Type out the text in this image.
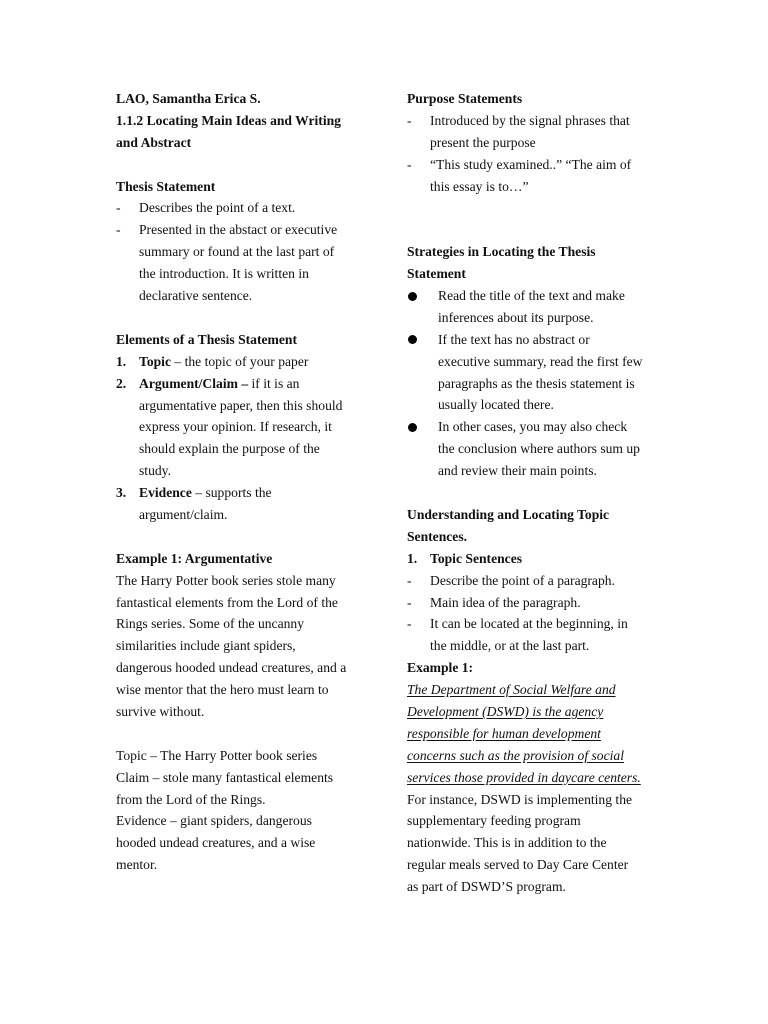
LAO, Samantha Erica S.
1.1.2 Locating Main Ideas and Writing
and Abstract
Thesis Statement
-	Describes the point of a text.
-	Presented in the abstact or executive
summary or found at the last part of
the introduction. It is written in
declarative sentence.
Elements of a Thesis Statement
1. Topic – the topic of your paper
2. Argument/Claim – if it is an
argumentative paper, then this should
express your opinion. If research, it
should explain the purpose of the
study.
3. Evidence – supports the
argument/claim.
Example 1: Argumentative
The Harry Potter book series stole many
fantastical elements from the Lord of the
Rings series. Some of the uncanny
similarities include giant spiders,
dangerous hooded undead creatures, and a
wise mentor that the hero must learn to
survive without.
Topic – The Harry Potter book series
Claim – stole many fantastical elements
from the Lord of the Rings.
Evidence – giant spiders, dangerous
hooded undead creatures, and a wise
mentor.
Purpose Statements
-	Introduced by the signal phrases that
present the purpose
-	“This study examined..” “The aim of
this essay is to…”
Strategies in Locating the Thesis
Statement
Read the title of the text and make
inferences about its purpose.
If the text has no abstract or
executive summary, read the first few
paragraphs as the thesis statement is
usually located there.
In other cases, you may also check
the conclusion where authors sum up
and review their main points.
Understanding and Locating Topic
Sentences.
1. Topic Sentences
-	Describe the point of a paragraph.
-	Main idea of the paragraph.
-	It can be located at the beginning, in
the middle, or at the last part.
Example 1:
The Department of Social Welfare and
Development (DSWD) is the agency
responsible for human development
concerns such as the provision of social
services those provided in daycare centers.
For instance, DSWD is implementing the
supplementary feeding program
nationwide. This is in addition to the
regular meals served to Day Care Center
as part of DSWD’S program.
